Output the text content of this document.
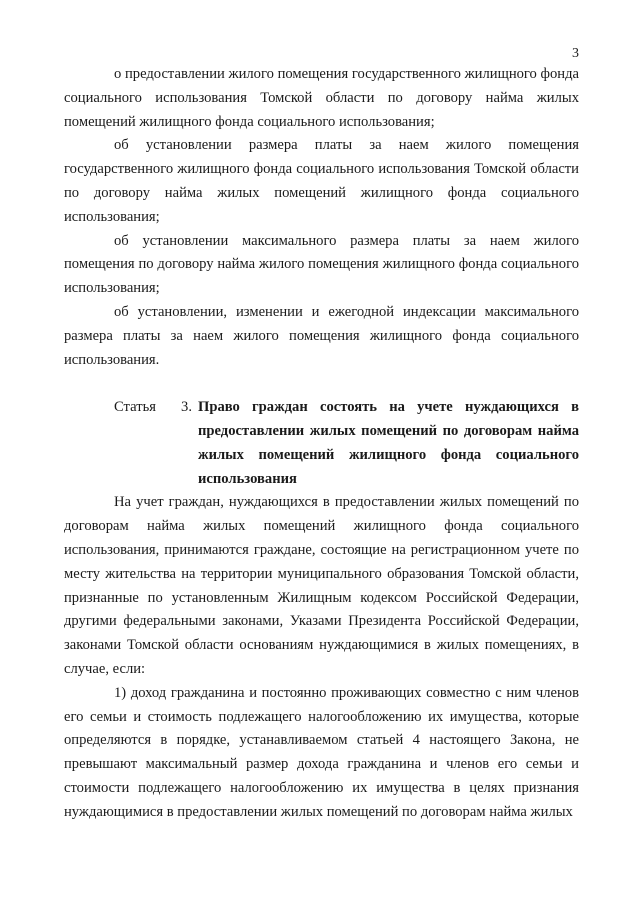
3

о предоставлении жилого помещения государственного жилищного фонда социального использования Томской области по договору найма жилых помещений жилищного фонда социального использования;

об установлении размера платы за наем жилого помещения государственного жилищного фонда социального использования Томской области по договору найма жилых помещений жилищного фонда социального использования;

об установлении максимального размера платы за наем жилого помещения по договору найма жилого помещения жилищного фонда социального использования;

об установлении, изменении и ежегодной индексации максимального размера платы за наем жилого помещения жилищного фонда социального использования.

Статья 3. Право граждан состоять на учете нуждающихся в предоставлении жилых помещений по договорам найма жилых помещений жилищного фонда социального использования

На учет граждан, нуждающихся в предоставлении жилых помещений по договорам найма жилых помещений жилищного фонда социального использования, принимаются граждане, состоящие на регистрационном учете по месту жительства на территории муниципального образования Томской области, признанные по установленным Жилищным кодексом Российской Федерации, другими федеральными законами, Указами Президента Российской Федерации, законами Томской области основаниям нуждающимися в жилых помещениях, в случае, если:

1) доход гражданина и постоянно проживающих совместно с ним членов его семьи и стоимость подлежащего налогообложению их имущества, которые определяются в порядке, устанавливаемом статьей 4 настоящего Закона, не превышают максимальный размер дохода гражданина и членов его семьи и стоимости подлежащего налогообложению их имущества в целях признания нуждающимися в предоставлении жилых помещений по договорам найма жилых
